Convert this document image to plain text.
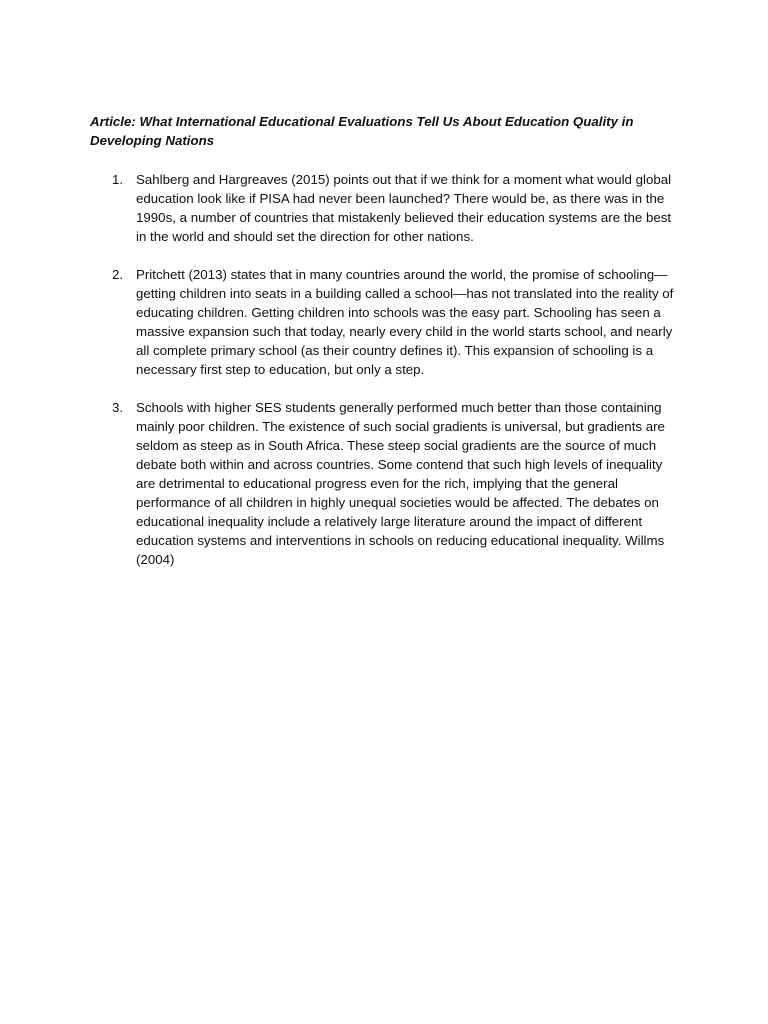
Article: What International Educational Evaluations Tell Us About Education Quality in Developing Nations
1. Sahlberg and Hargreaves (2015) points out that if we think for a moment what would global education look like if PISA had never been launched? There would be, as there was in the 1990s, a number of countries that mistakenly believed their education systems are the best in the world and should set the direction for other nations.
2. Pritchett (2013) states that in many countries around the world, the promise of schooling—getting children into seats in a building called a school—has not translated into the reality of educating children. Getting children into schools was the easy part. Schooling has seen a massive expansion such that today, nearly every child in the world starts school, and nearly all complete primary school (as their country defines it). This expansion of schooling is a necessary first step to education, but only a step.
3. Schools with higher SES students generally performed much better than those containing mainly poor children. The existence of such social gradients is universal, but gradients are seldom as steep as in South Africa. These steep social gradients are the source of much debate both within and across countries. Some contend that such high levels of inequality are detrimental to educational progress even for the rich, implying that the general performance of all children in highly unequal societies would be affected. The debates on educational inequality include a relatively large literature around the impact of different education systems and interventions in schools on reducing educational inequality. Willms (2004)
